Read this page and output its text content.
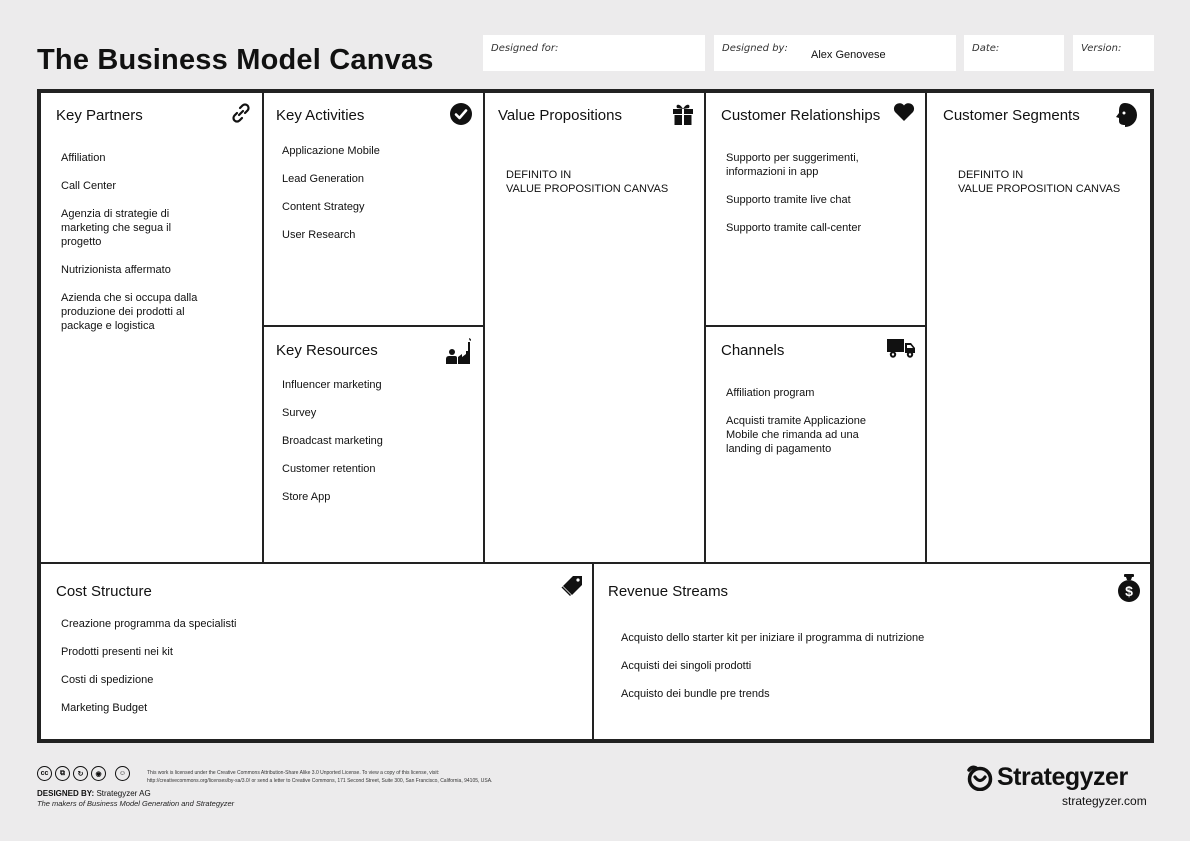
The Business Model Canvas	Designed for:	Designed by:
Alex Genovese
Date:	Version:
Key Partners
Affiliation
Call Center
Agenzia di strategie di
marketing che segua il
progetto
Nutrizionista affermato
Azienda che si occupa dalla
produzione dei prodotti al
package e logistica
Key Activities
Applicazione Mobile
Lead Generation
Content Strategy
User Research
Key Resources
Influencer marketing
Survey
Broadcast marketing
Customer retention
Store App
Value Propositions
DEFINITO IN
VALUE PROPOSITION CANVAS
Customer Relationships
Supporto per suggerimenti,
informazioni in app
Supporto tramite live chat
Supporto tramite call-center
Channels
Affiliation program
Acquisti tramite Applicazione
Mobile che rimanda ad una
landing di pagamento
Customer Segments
DEFINITO IN
VALUE PROPOSITION CANVAS
Cost Structure
Creazione programma da specialisti
Prodotti presenti nei kit
Costi di spedizione
Marketing Budget
Revenue Streams	$
Acquisto dello starter kit per iniziare il programma di nutrizione
Acquisti dei singoli prodotti
Acquisto dei bundle pre trends
cc	⧉	↻	◉	☺	This work is licensed under the Creative Commons Attribution-Share Alike 3.0 Unported License. To view a copy of this license, visit:
http://creativecommons.org/licenses/by-sa/3.0/ or send a letter to Creative Commons, 171 Second Street, Suite 300, San Francisco, California, 94105, USA.
DESIGNED BY: Strategyzer AG
The makers of Business Model Generation and Strategyzer
Strategyzer
strategyzer.com
